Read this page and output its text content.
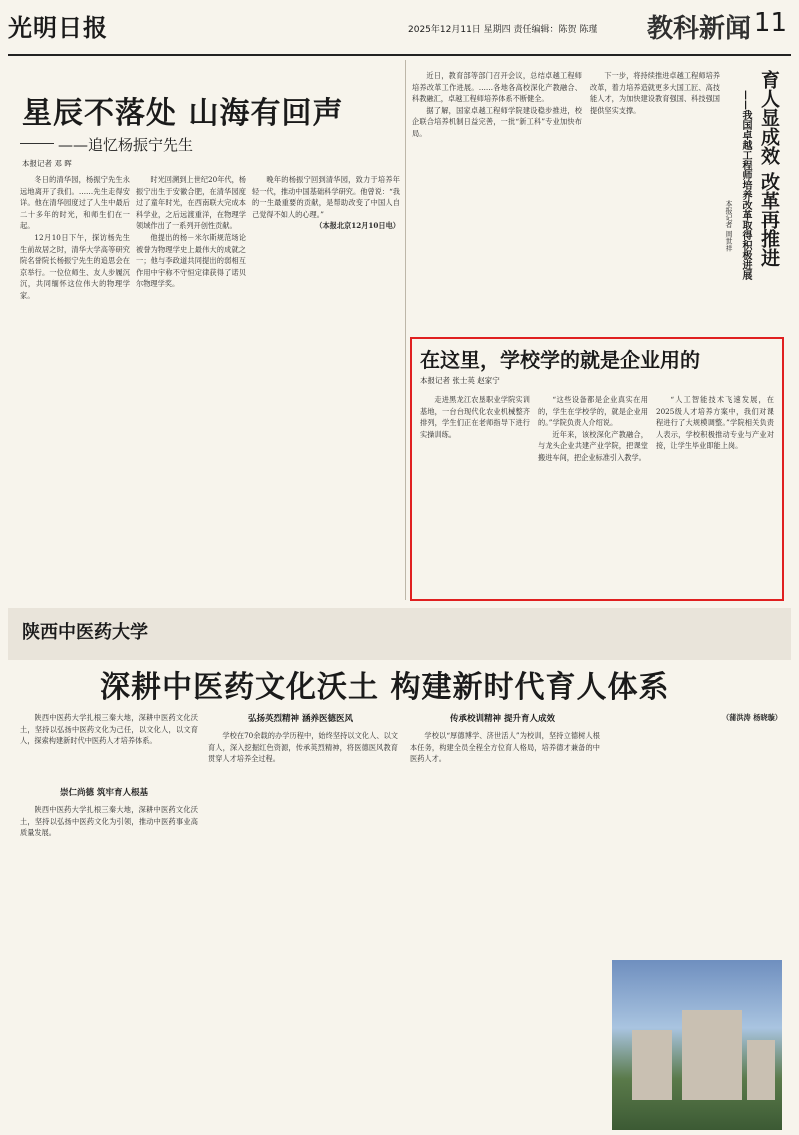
光明日报	2025年12月11日 星期四 责任编辑：陈贺 陈瑾 教科新闻 11
星辰不落处 山海有回声
——追忆杨振宁先生
本报记者 邓 晖

冬日的清华园，杨振宁先生永远地离开了我们。……先生走得安详。他在清华园度过了人生中最后二十多年的时光，和师生们在一起。

12月10日下午，探访杨先生生前故居之时，清华大学高等研究院名誉院长杨振宁先生的追思会在京举行。一位位师生、友人步履沉沉，共同缅怀这位伟大的物理学家。

时光回溯到上世纪20年代，杨振宁出生于安徽合肥，在清华园度过了童年时光，在西南联大完成本科学业，之后远渡重洋，在物理学领域作出了一系列开创性贡献。

他提出的杨－米尔斯规范场论被誉为物理学史上最伟大的成就之一；他与李政道共同提出的弱相互作用中宇称不守恒定律获得了诺贝尔物理学奖。

晚年的杨振宁回到清华园，致力于培养年轻一代，推动中国基础科学研究。他曾说：“我的一生最重要的贡献，是帮助改变了中国人自己觉得不如人的心理。”

（本报北京12月10日电）

近日，教育部等部门召开会议，总结卓越工程师培养改革工作进展。……各地各高校深化产教融合、科教融汇，卓越工程师培养体系不断健全。

据了解，国家卓越工程师学院建设稳步推进，校企联合培养机制日益完善，一批“新工科”专业加快布局。

下一步，将持续推进卓越工程师培养改革，着力培养造就更多大国工匠、高技能人才，为加快建设教育强国、科技强国提供坚实支撑。	育人显成效 改革再推进
——我国卓越工程师培养改革取得积极进展
本报记者 周世祥
在这里，学校学的就是企业用的
本报记者 张士英 赵家宁

走进黑龙江农垦职业学院实训基地，一台台现代化农业机械整齐排列，学生们正在老师指导下进行实操训练。

“这些设备都是企业真实在用的，学生在学校学的，就是企业用的。”学院负责人介绍说。

近年来，该校深化产教融合，与龙头企业共建产业学院，把课堂搬进车间，把企业标准引入教学。

“人工智能技术飞速发展，在2025级人才培养方案中，我们对课程进行了大规模调整。”学院相关负责人表示，学校积极推动专业与产业对接，让学生毕业即能上岗。

陕西中医药大学
深耕中医药文化沃土 构建新时代育人体系

陕西中医药大学扎根三秦大地，深耕中医药文化沃土，坚持以弘扬中医药文化为己任，以文化人，以文育人，探索构建新时代中医药人才培养体系。

崇仁尚德 筑牢育人根基

陕西中医药大学扎根三秦大地，深耕中医药文化沃土，坚持以弘扬中医药文化为引领，推动中医药事业高质量发展。

弘扬英烈精神 涵养医德医风

学校在70余载的办学历程中，始终坚持以文化人、以文育人，深入挖掘红色资源，传承英烈精神，将医德医风教育贯穿人才培养全过程。

传承校训精神 提升育人成效

学校以“厚德博学、济世活人”为校训，坚持立德树人根本任务，构建全员全程全方位育人格局，培养德才兼备的中医药人才。

（蒲洪涛 杨晓璇）
